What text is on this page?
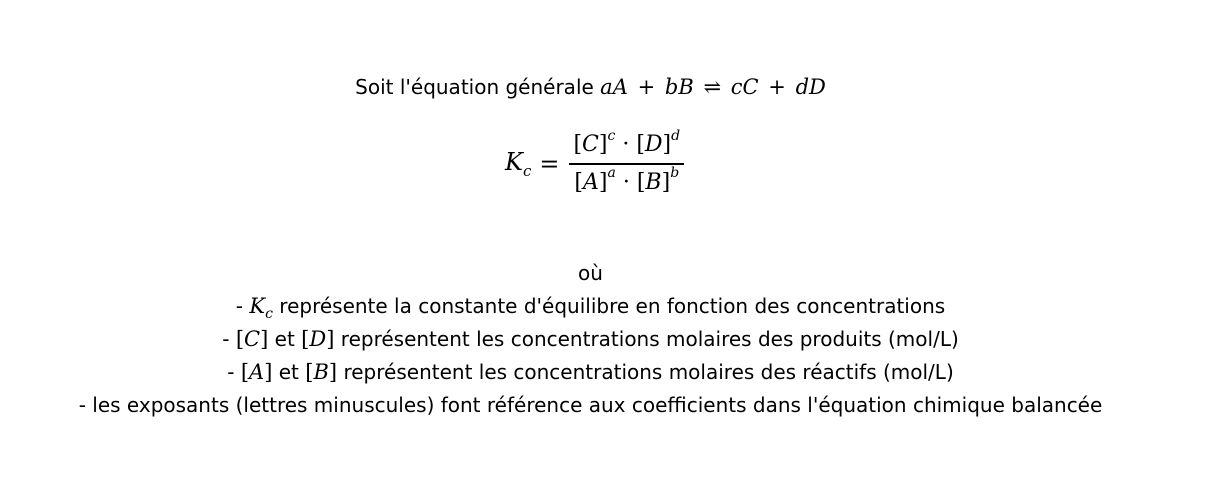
Soit l'équation générale aA + bB ⇌ cC + dD
$K_c = \frac{[C]^c \cdot [D]^d}{[A]^a \cdot [B]^b}$
où
- $K_c$ représente la constante d'équilibre en fonction des concentrations
- [C] et [D] représentent les concentrations molaires des produits (mol/L)
- [A] et [B] représentent les concentrations molaires des réactifs (mol/L)
- les exposants (lettres minuscules) font référence aux coefficients dans l'équation chimique balancée
